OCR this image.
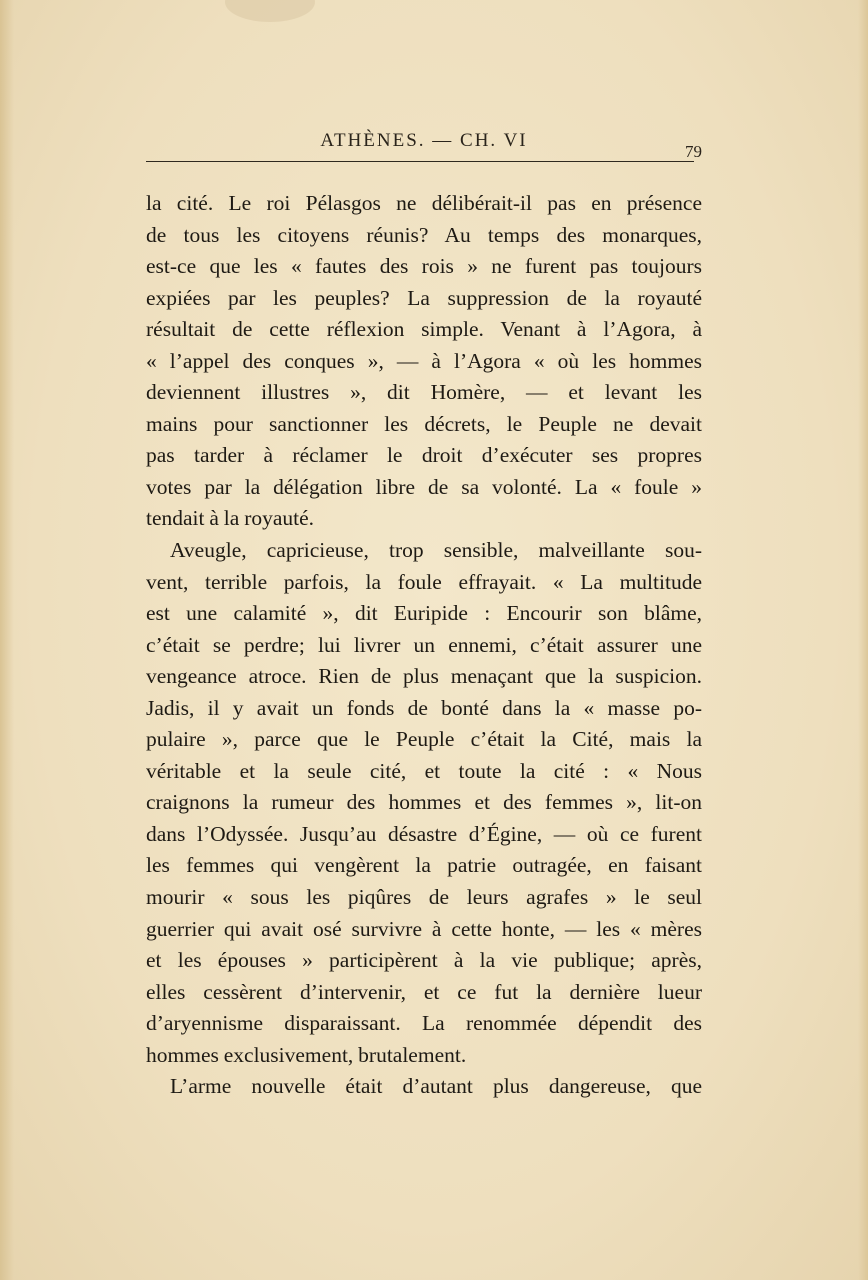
ATHÈNES. — CH. VI
79
la cité. Le roi Pélasgos ne délibérait-il pas en présence
de tous les citoyens réunis? Au temps des monarques,
est-ce que les « fautes des rois » ne furent pas toujours
expiées par les peuples? La suppression de la royauté
résultait de cette réflexion simple. Venant à l’Agora, à
« l’appel des conques », — à l’Agora « où les hommes
deviennent illustres », dit Homère, — et levant les
mains pour sanctionner les décrets, le Peuple ne devait
pas tarder à réclamer le droit d’exécuter ses propres
votes par la délégation libre de sa volonté. La « foule »
tendait à la royauté.
Aveugle, capricieuse, trop sensible, malveillante sou-
vent, terrible parfois, la foule effrayait. « La multitude
est une calamité », dit Euripide : Encourir son blâme,
c’était se perdre; lui livrer un ennemi, c’était assurer une
vengeance atroce. Rien de plus menaçant que la suspicion.
Jadis, il y avait un fonds de bonté dans la « masse po-
pulaire », parce que le Peuple c’était la Cité, mais la
véritable et la seule cité, et toute la cité : « Nous
craignons la rumeur des hommes et des femmes », lit-on
dans l’Odyssée. Jusqu’au désastre d’Égine, — où ce furent
les femmes qui vengèrent la patrie outragée, en faisant
mourir « sous les piqûres de leurs agrafes » le seul
guerrier qui avait osé survivre à cette honte, — les « mères
et les épouses » participèrent à la vie publique; après,
elles cessèrent d’intervenir, et ce fut la dernière lueur
d’aryennisme disparaissant. La renommée dépendit des
hommes exclusivement, brutalement.
L’arme nouvelle était d’autant plus dangereuse, que
